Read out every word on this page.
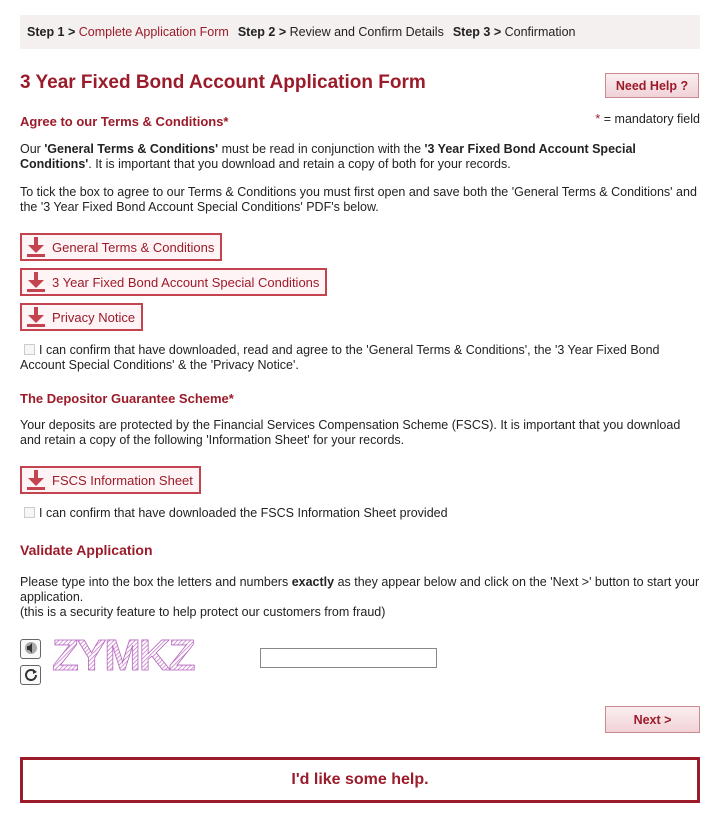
Step 1 > Complete Application Form Step 2 > Review and Confirm Details Step 3 > Confirmation
3 Year Fixed Bond Account Application Form	Need Help ?
Agree to our Terms & Conditions*	* = mandatory field

Our 'General Terms & Conditions' must be read in conjunction with the '3 Year Fixed Bond Account Special Conditions'. It is important that you download and retain a copy of both for your records.

To tick the box to agree to our Terms & Conditions you must first open and save both the 'General Terms & Conditions' and the '3 Year Fixed Bond Account Special Conditions' PDF's below.

General Terms & Conditions
3 Year Fixed Bond Account Special Conditions
Privacy Notice
I can confirm that have downloaded, read and agree to the 'General Terms & Conditions', the '3 Year Fixed Bond Account Special Conditions' & the 'Privacy Notice'.
The Depositor Guarantee Scheme*

Your deposits are protected by the Financial Services Compensation Scheme (FSCS). It is important that you download and retain a copy of the following 'Information Sheet' for your records.

FSCS Information Sheet
I can confirm that have downloaded the FSCS Information Sheet provided
Validate Application

Please type into the box the letters and numbers exactly as they appear below and click on the 'Next >' button to start your application.
(this is a security feature to help protect our customers from fraud)

ZYMKZ
Next >
I'd like some help.
